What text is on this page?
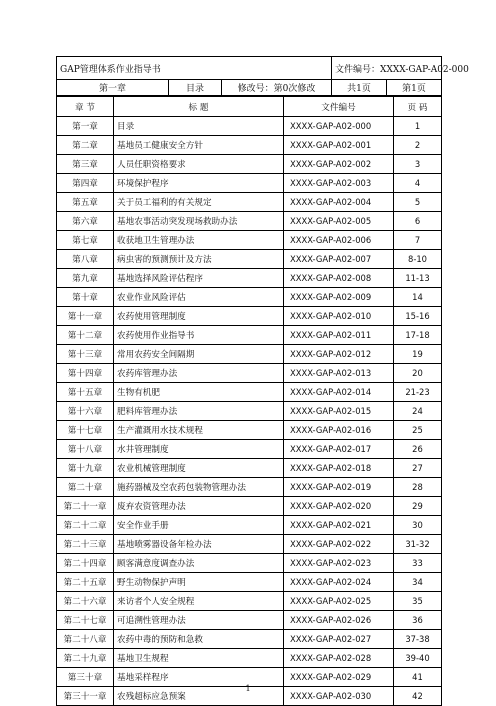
GAP管理体系作业指导书			文件编号：XXXX-GAP-A02-000	
第一章	目录	修改号：第0次修改	共1页	第1页
章 节	标 题	文件编号	页 码
第一章	目录	XXXX-GAP-A02-000	1
第二章	基地员工健康安全方针	XXXX-GAP-A02-001	2
第三章	人员任职资格要求	XXXX-GAP-A02-002	3
第四章	环境保护程序	XXXX-GAP-A02-003	4
第五章	关于员工福利的有关规定	XXXX-GAP-A02-004	5
第六章	基地农事活动突发现场救助办法	XXXX-GAP-A02-005	6
第七章	收获地卫生管理办法	XXXX-GAP-A02-006	7
第八章	病虫害的预测预计及方法	XXXX-GAP-A02-007	8-10
第九章	基地选择风险评估程序	XXXX-GAP-A02-008	11-13
第十章	农业作业风险评估	XXXX-GAP-A02-009	14
第十一章	农药使用管理制度	XXXX-GAP-A02-010	15-16
第十二章	农药使用作业指导书	XXXX-GAP-A02-011	17-18
第十三章	常用农药安全间隔期	XXXX-GAP-A02-012	19
第十四章	农药库管理办法	XXXX-GAP-A02-013	20
第十五章	生物有机肥	XXXX-GAP-A02-014	21-23
第十六章	肥料库管理办法	XXXX-GAP-A02-015	24
第十七章	生产灌溉用水技术规程	XXXX-GAP-A02-016	25
第十八章	水井管理制度	XXXX-GAP-A02-017	26
第十九章	农业机械管理制度	XXXX-GAP-A02-018	27
第二十章	施药器械及空农药包装物管理办法	XXXX-GAP-A02-019	28
第二十一章	废弃农资管理办法	XXXX-GAP-A02-020	29
第二十二章	安全作业手册	XXXX-GAP-A02-021	30
第二十三章	基地喷雾器设备年检办法	XXXX-GAP-A02-022	31-32
第二十四章	顾客满意度调查办法	XXXX-GAP-A02-023	33
第二十五章	野生动物保护声明	XXXX-GAP-A02-024	34
第二十六章	来访者个人安全规程	XXXX-GAP-A02-025	35
第二十七章	可追溯性管理办法	XXXX-GAP-A02-026	36
第二十八章	农药中毒的预防和急救	XXXX-GAP-A02-027	37-38
第二十九章	基地卫生规程	XXXX-GAP-A02-028	39-40
第三十章	基地采样程序	XXXX-GAP-A02-029	41
第三十一章	农残超标应急预案	XXXX-GAP-A02-030	42
1
